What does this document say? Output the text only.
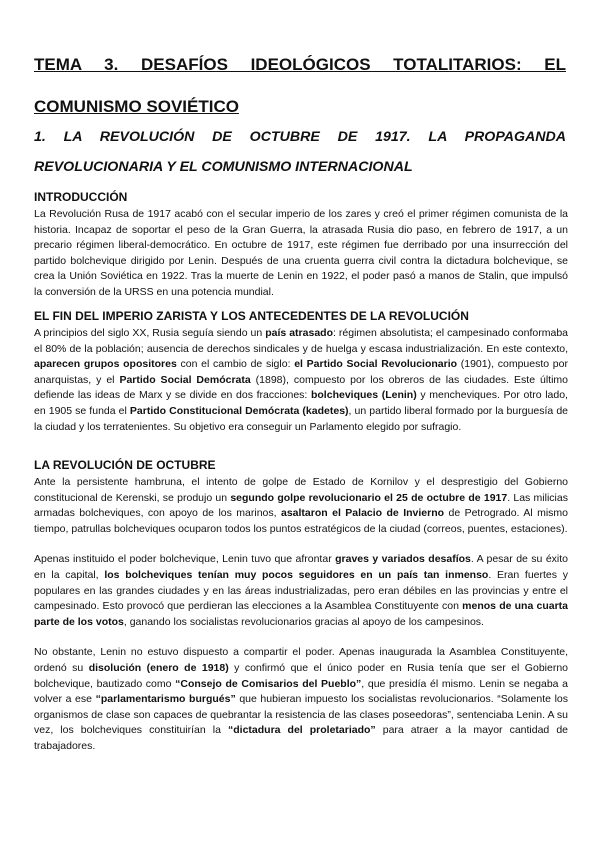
TEMA 3. DESAFÍOS IDEOLÓGICOS TOTALITARIOS: EL COMUNISMO SOVIÉTICO
1. LA REVOLUCIÓN DE OCTUBRE DE 1917. LA PROPAGANDA REVOLUCIONARIA Y EL COMUNISMO INTERNACIONAL
INTRODUCCIÓN

La Revolución Rusa de 1917 acabó con el secular imperio de los zares y creó el primer régimen comunista de la historia. Incapaz de soportar el peso de la Gran Guerra, la atrasada Rusia dio paso, en febrero de 1917, a un precario régimen liberal-democrático. En octubre de 1917, este régimen fue derribado por una insurrección del partido bolchevique dirigido por Lenin. Después de una cruenta guerra civil contra la dictadura bolchevique, se crea la Unión Soviética en 1922. Tras la muerte de Lenin en 1922, el poder pasó a manos de Stalin, que impulsó la conversión de la URSS en una potencia mundial.

EL FIN DEL IMPERIO ZARISTA Y LOS ANTECEDENTES DE LA REVOLUCIÓN

A principios del siglo XX, Rusia seguía siendo un país atrasado: régimen absolutista; el campesinado conformaba el 80% de la población; ausencia de derechos sindicales y de huelga y escasa industrialización. En este contexto, aparecen grupos opositores con el cambio de siglo: el Partido Social Revolucionario (1901), compuesto por anarquistas, y el Partido Social Demócrata (1898), compuesto por los obreros de las ciudades. Este último defiende las ideas de Marx y se divide en dos fracciones: bolcheviques (Lenin) y mencheviques. Por otro lado, en 1905 se funda el Partido Constitucional Demócrata (kadetes), un partido liberal formado por la burguesía de la ciudad y los terratenientes. Su objetivo era conseguir un Parlamento elegido por sufragio.

LA REVOLUCIÓN DE OCTUBRE

Ante la persistente hambruna, el intento de golpe de Estado de Kornilov y el desprestigio del Gobierno constitucional de Kerenski, se produjo un segundo golpe revolucionario el 25 de octubre de 1917. Las milicias armadas bolcheviques, con apoyo de los marinos, asaltaron el Palacio de Invierno de Petrogrado. Al mismo tiempo, patrullas bolcheviques ocuparon todos los puntos estratégicos de la ciudad (correos, puentes, estaciones).

Apenas instituido el poder bolchevique, Lenin tuvo que afrontar graves y variados desafíos. A pesar de su éxito en la capital, los bolcheviques tenían muy pocos seguidores en un país tan inmenso. Eran fuertes y populares en las grandes ciudades y en las áreas industrializadas, pero eran débiles en las provincias y entre el campesinado. Esto provocó que perdieran las elecciones a la Asamblea Constituyente con menos de una cuarta parte de los votos, ganando los socialistas revolucionarios gracias al apoyo de los campesinos.

No obstante, Lenin no estuvo dispuesto a compartir el poder. Apenas inaugurada la Asamblea Constituyente, ordenó su disolución (enero de 1918) y confirmó que el único poder en Rusia tenía que ser el Gobierno bolchevique, bautizado como “Consejo de Comisarios del Pueblo”, que presidía él mismo. Lenin se negaba a volver a ese “parlamentarismo burgués” que hubieran impuesto los socialistas revolucionarios. “Solamente los organismos de clase son capaces de quebrantar la resistencia de las clases poseedoras”, sentenciaba Lenin. A su vez, los bolcheviques constituirían la “dictadura del proletariado” para atraer a la mayor cantidad de trabajadores.
